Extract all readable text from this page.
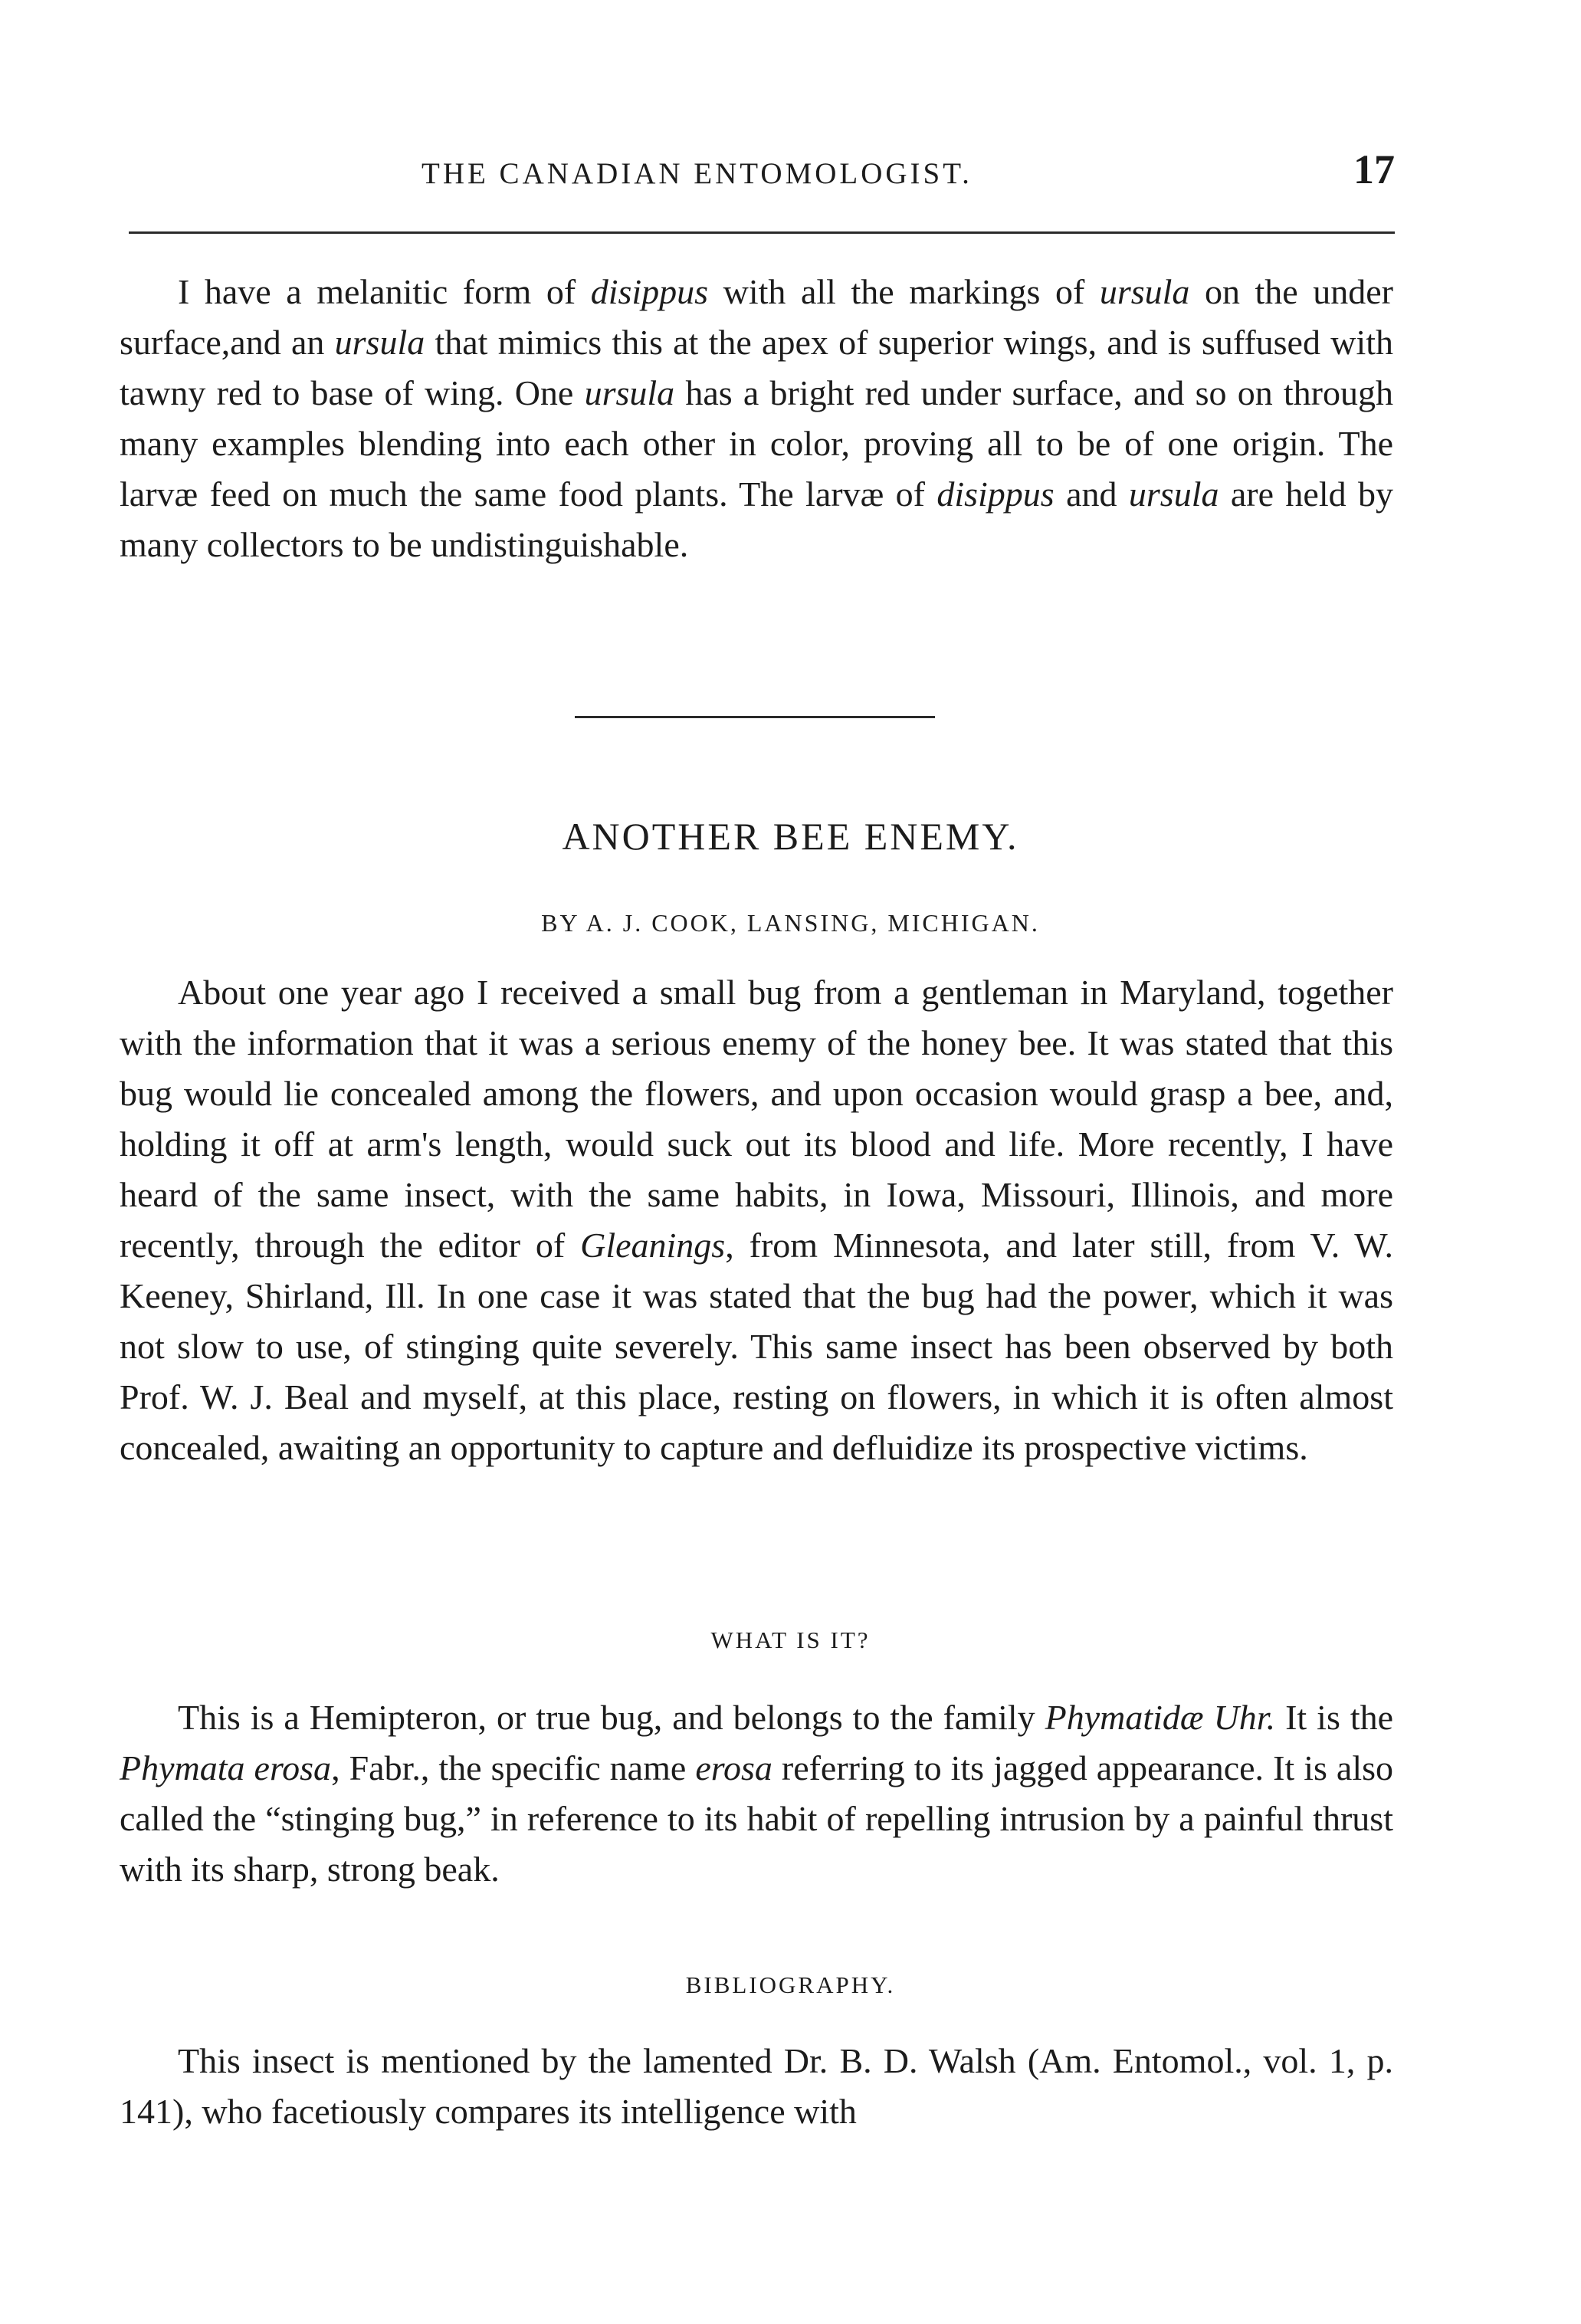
THE CANADIAN ENTOMOLOGIST.	17

I have a melanitic form of disippus with all the markings of ursula on the under surface,and an ursula that mimics this at the apex of superior wings, and is suffused with tawny red to base of wing. One ursula has a bright red under surface, and so on through many examples blending into each other in color, proving all to be of one origin. The larvæ feed on much the same food plants. The larvæ of disippus and ursula are held by many collectors to be undistinguishable.

ANOTHER BEE ENEMY.
BY A. J. COOK, LANSING, MICHIGAN.

About one year ago I received a small bug from a gentleman in Maryland, together with the information that it was a serious enemy of the honey bee. It was stated that this bug would lie concealed among the flowers, and upon occasion would grasp a bee, and, holding it off at arm's length, would suck out its blood and life. More recently, I have heard of the same insect, with the same habits, in Iowa, Missouri, Illinois, and more recently, through the editor of Gleanings, from Minnesota, and later still, from V. W. Keeney, Shirland, Ill. In one case it was stated that the bug had the power, which it was not slow to use, of stinging quite severely. This same insect has been observed by both Prof. W. J. Beal and myself, at this place, resting on flowers, in which it is often almost concealed, awaiting an opportunity to capture and defluidize its prospective victims.

WHAT IS IT?

This is a Hemipteron, or true bug, and belongs to the family Phymatidæ Uhr. It is the Phymata erosa, Fabr., the specific name erosa referring to its jagged appearance. It is also called the “stinging bug,” in reference to its habit of repelling intrusion by a painful thrust with its sharp, strong beak.

BIBLIOGRAPHY.

This insect is mentioned by the lamented Dr. B. D. Walsh (Am. Entomol., vol. 1, p. 141), who facetiously compares its intelligence with
